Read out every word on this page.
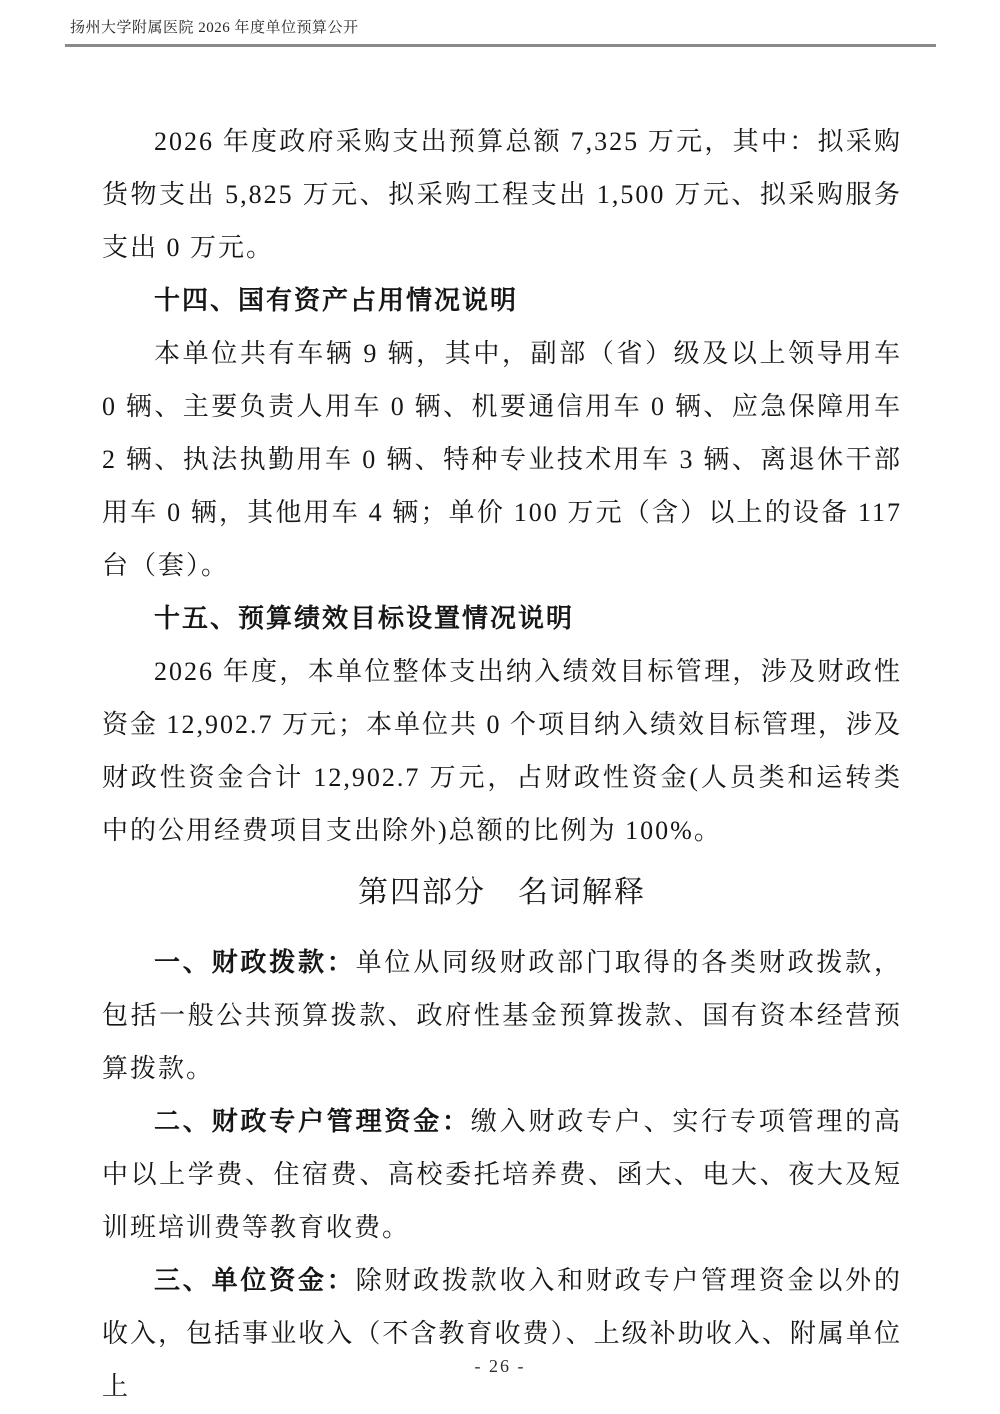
扬州大学附属医院 2026 年度单位预算公开

2026 年度政府采购支出预算总额 7,325 万元，其中：拟采购货物支出 5,825 万元、拟采购工程支出 1,500 万元、拟采购服务支出 0 万元。

十四、国有资产占用情况说明

本单位共有车辆 9 辆，其中，副部（省）级及以上领导用车 0 辆、主要负责人用车 0 辆、机要通信用车 0 辆、应急保障用车 2 辆、执法执勤用车 0 辆、特种专业技术用车 3 辆、离退休干部用车 0 辆，其他用车 4 辆；单价 100 万元（含）以上的设备 117 台（套）。

十五、预算绩效目标设置情况说明

2026 年度，本单位整体支出纳入绩效目标管理，涉及财政性资金 12,902.7 万元；本单位共 0 个项目纳入绩效目标管理，涉及财政性资金合计 12,902.7 万元，占财政性资金(人员类和运转类中的公用经费项目支出除外)总额的比例为 100%。

第四部分　名词解释

一、财政拨款：单位从同级财政部门取得的各类财政拨款，包括一般公共预算拨款、政府性基金预算拨款、国有资本经营预算拨款。

二、财政专户管理资金：缴入财政专户、实行专项管理的高中以上学费、住宿费、高校委托培养费、函大、电大、夜大及短训班培训费等教育收费。

三、单位资金：除财政拨款收入和财政专户管理资金以外的收入，包括事业收入（不含教育收费）、上级补助收入、附属单位上

- 26 -
